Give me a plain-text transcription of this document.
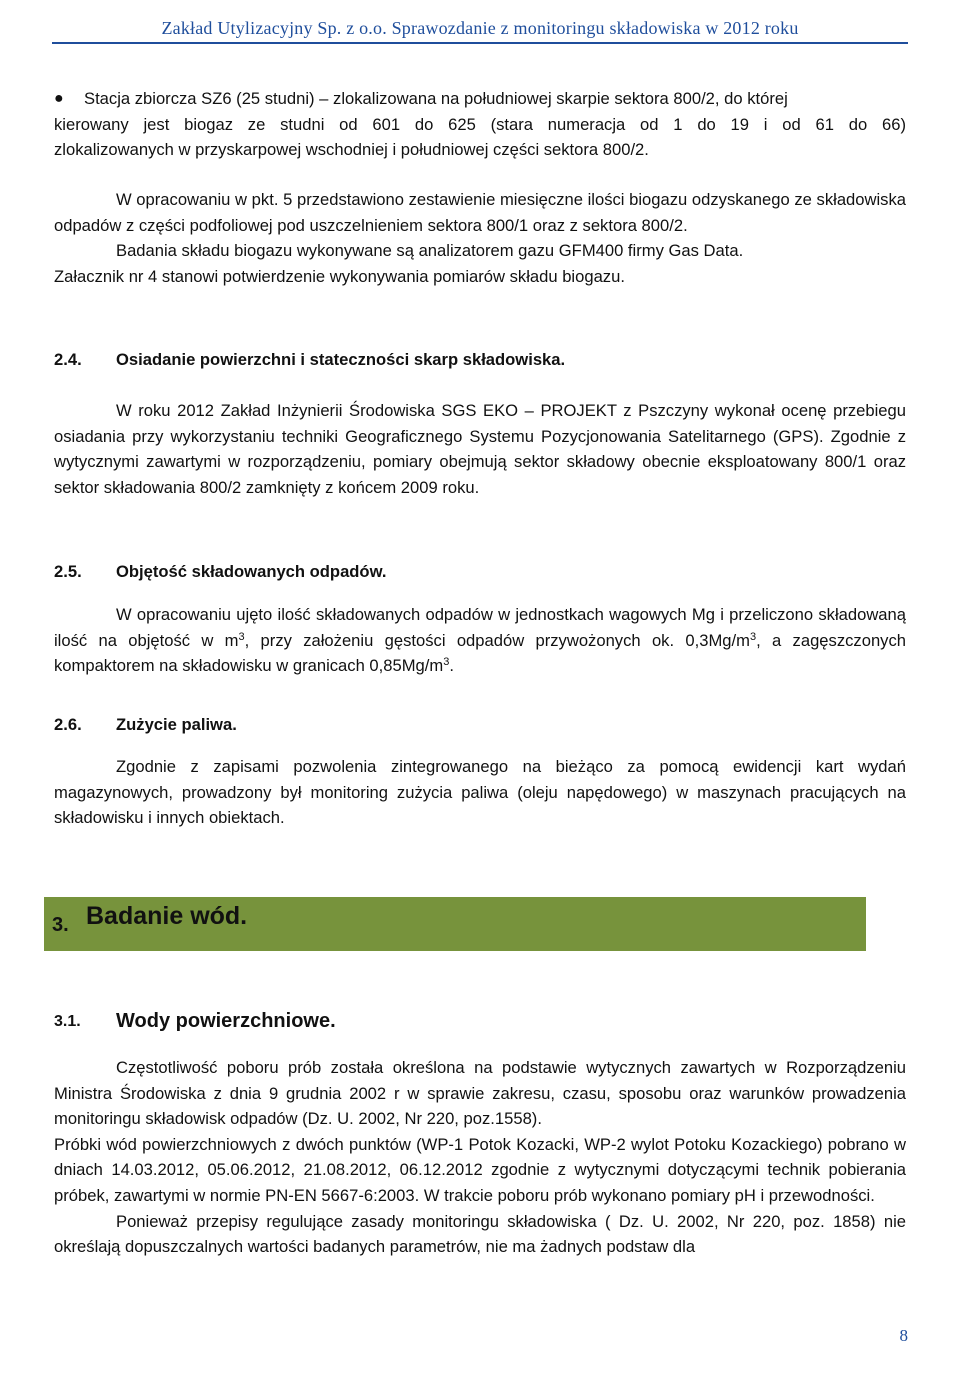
Zakład Utylizacyjny Sp. z o.o. Sprawozdanie z monitoringu składowiska w 2012 roku
●	Stacja zbiorcza SZ6 (25 studni) – zlokalizowana na południowej skarpie sektora 800/2, do której
kierowany jest biogaz ze studni od 601 do 625 (stara numeracja od 1 do 19 i od 61 do 66)
zlokalizowanych w przyskarpowej wschodniej i południowej części sektora 800/2.
W opracowaniu w pkt. 5 przedstawiono zestawienie miesięczne ilości biogazu odzyskanego ze składowiska odpadów z części podfoliowej pod uszczelnieniem sektora 800/1 oraz z sektora 800/2.
Badania składu biogazu wykonywane są analizatorem gazu GFM400 firmy Gas Data.
Załacznik nr 4 stanowi potwierdzenie wykonywania pomiarów składu biogazu.
2.4. Osiadanie powierzchni i stateczności skarp składowiska.
W roku 2012 Zakład Inżynierii Środowiska SGS EKO – PROJEKT z Pszczyny wykonał ocenę przebiegu osiadania przy wykorzystaniu techniki Geograficznego Systemu Pozycjonowania Satelitarnego (GPS). Zgodnie z wytycznymi zawartymi w rozporządzeniu, pomiary obejmują sektor składowy obecnie eksploatowany 800/1 oraz sektor składowania 800/2 zamknięty z końcem 2009 roku.
2.5. Objętość składowanych odpadów.
W opracowaniu ujęto ilość składowanych odpadów w jednostkach wagowych Mg i przeliczono składowaną ilość na objętość w $m^3$, przy założeniu gęstości odpadów przywożonych ok. $0,3Mg/m^3$, a zagęszczonych kompaktorem na składowisku w granicach $0,85Mg/m^3$.
2.6. Zużycie paliwa.
Zgodnie z zapisami pozwolenia zintegrowanego na bieżąco za pomocą ewidencji kart wydań magazynowych, prowadzony był monitoring zużycia paliwa (oleju napędowego) w maszynach pracujących na składowisku i innych obiektach.
3. Badanie wód.
3.1. Wody powierzchniowe.
Częstotliwość poboru prób została określona na podstawie wytycznych zawartych w Rozporządzeniu Ministra Środowiska z dnia 9 grudnia 2002 r w sprawie zakresu, czasu, sposobu oraz warunków prowadzenia monitoringu składowisk odpadów (Dz. U. 2002, Nr 220, poz.1558).
Próbki wód powierzchniowych z dwóch punktów (WP-1 Potok Kozacki, WP-2 wylot Potoku Kozackiego) pobrano w dniach 14.03.2012, 05.06.2012, 21.08.2012, 06.12.2012 zgodnie z wytycznymi dotyczącymi technik pobierania próbek, zawartymi w normie PN-EN 5667-6:2003. W trakcie poboru prób wykonano pomiary pH i przewodności.
Ponieważ przepisy regulujące zasady monitoringu składowiska ( Dz. U. 2002, Nr 220, poz. 1858) nie określają dopuszczalnych wartości badanych parametrów, nie ma żadnych podstaw dla
8
